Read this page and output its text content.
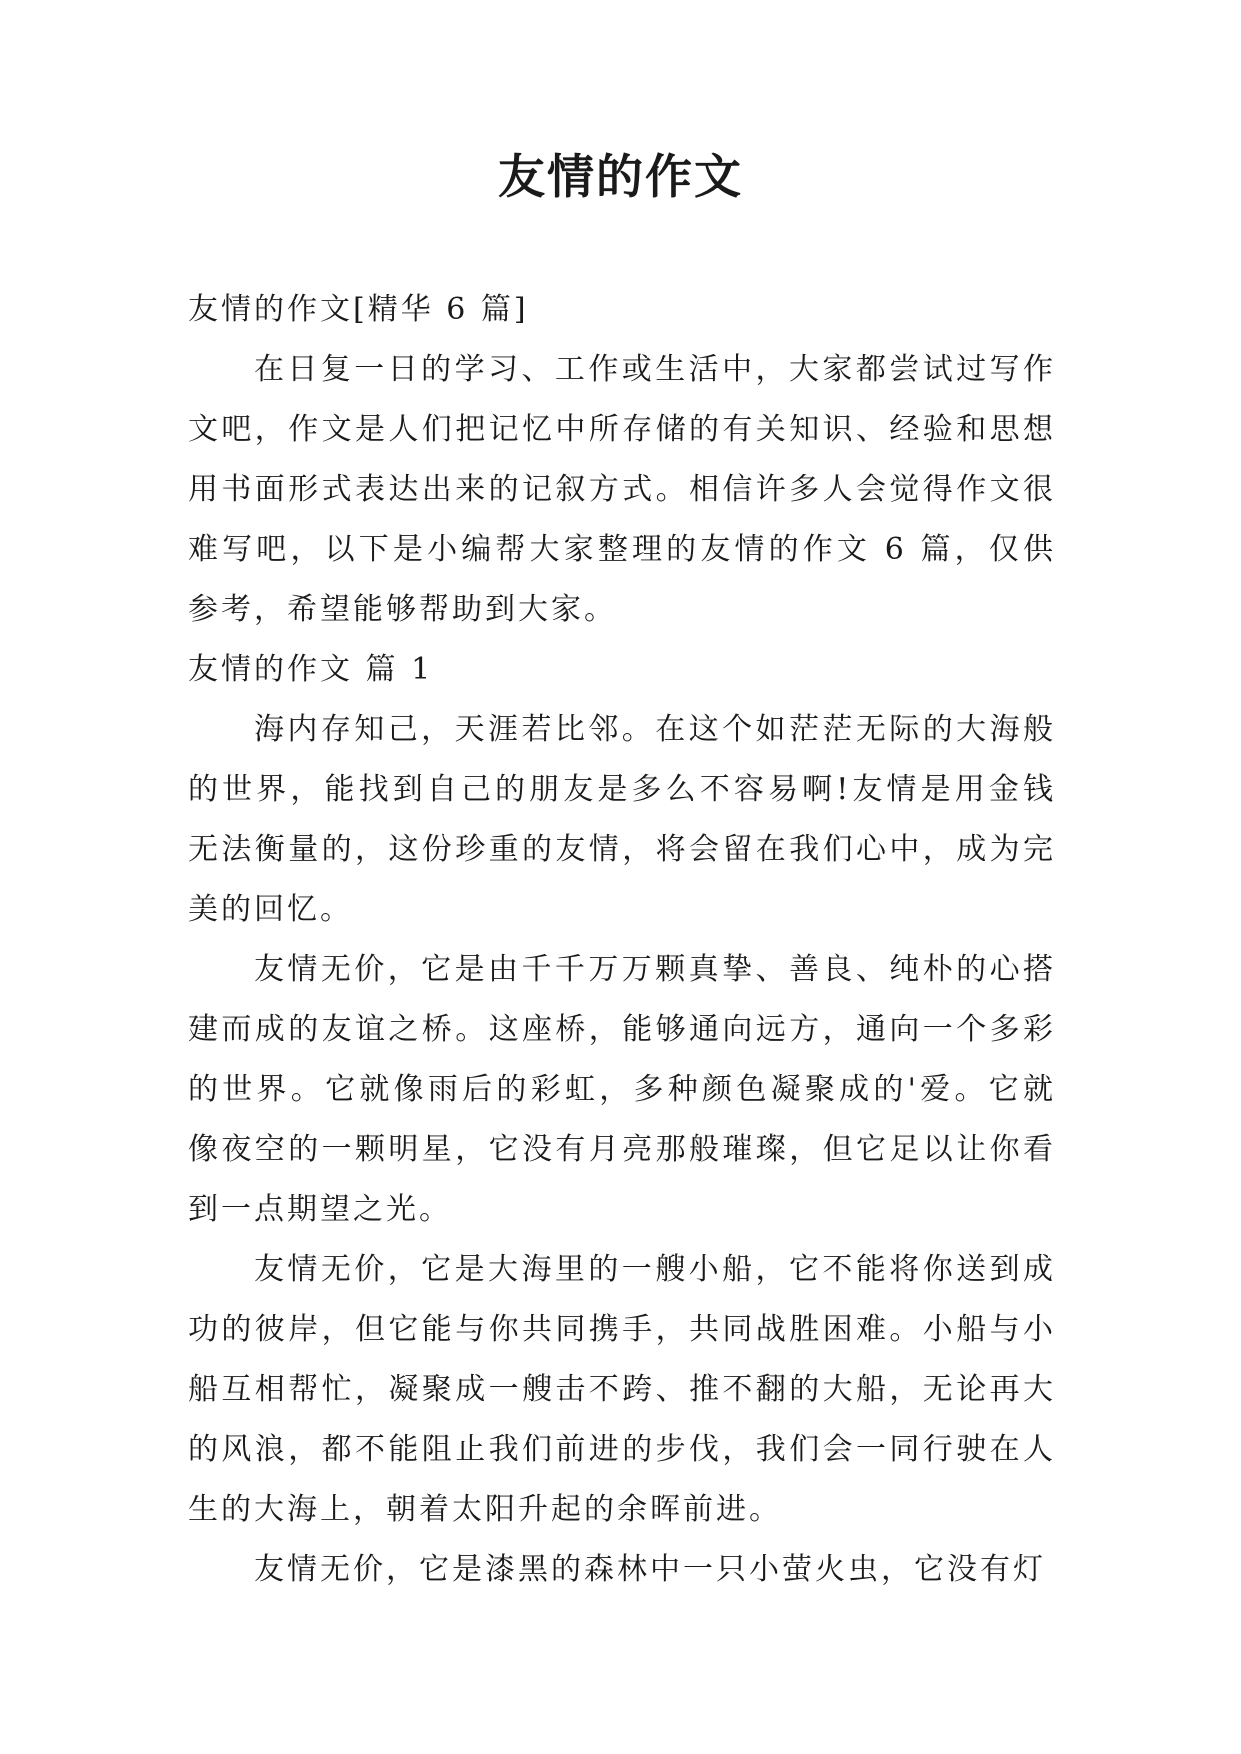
友情的作文

友情的作文[精华 6 篇]

在日复一日的学习、工作或生活中，大家都尝试过写作文吧，作文是人们把记忆中所存储的有关知识、经验和思想用书面形式表达出来的记叙方式。相信许多人会觉得作文很难写吧，以下是小编帮大家整理的友情的作文 6 篇，仅供参考，希望能够帮助到大家。

友情的作文 篇 1

海内存知己，天涯若比邻。在这个如茫茫无际的大海般的世界，能找到自己的朋友是多么不容易啊!友情是用金钱无法衡量的，这份珍重的友情，将会留在我们心中，成为完美的回忆。

友情无价，它是由千千万万颗真挚、善良、纯朴的心搭建而成的友谊之桥。这座桥，能够通向远方，通向一个多彩的世界。它就像雨后的彩虹，多种颜色凝聚成的'爱。它就像夜空的一颗明星，它没有月亮那般璀璨，但它足以让你看到一点期望之光。

友情无价，它是大海里的一艘小船，它不能将你送到成功的彼岸，但它能与你共同携手，共同战胜困难。小船与小船互相帮忙，凝聚成一艘击不跨、推不翻的大船，无论再大的风浪，都不能阻止我们前进的步伐，我们会一同行驶在人生的大海上，朝着太阳升起的余晖前进。

友情无价，它是漆黑的森林中一只小萤火虫，它没有灯
